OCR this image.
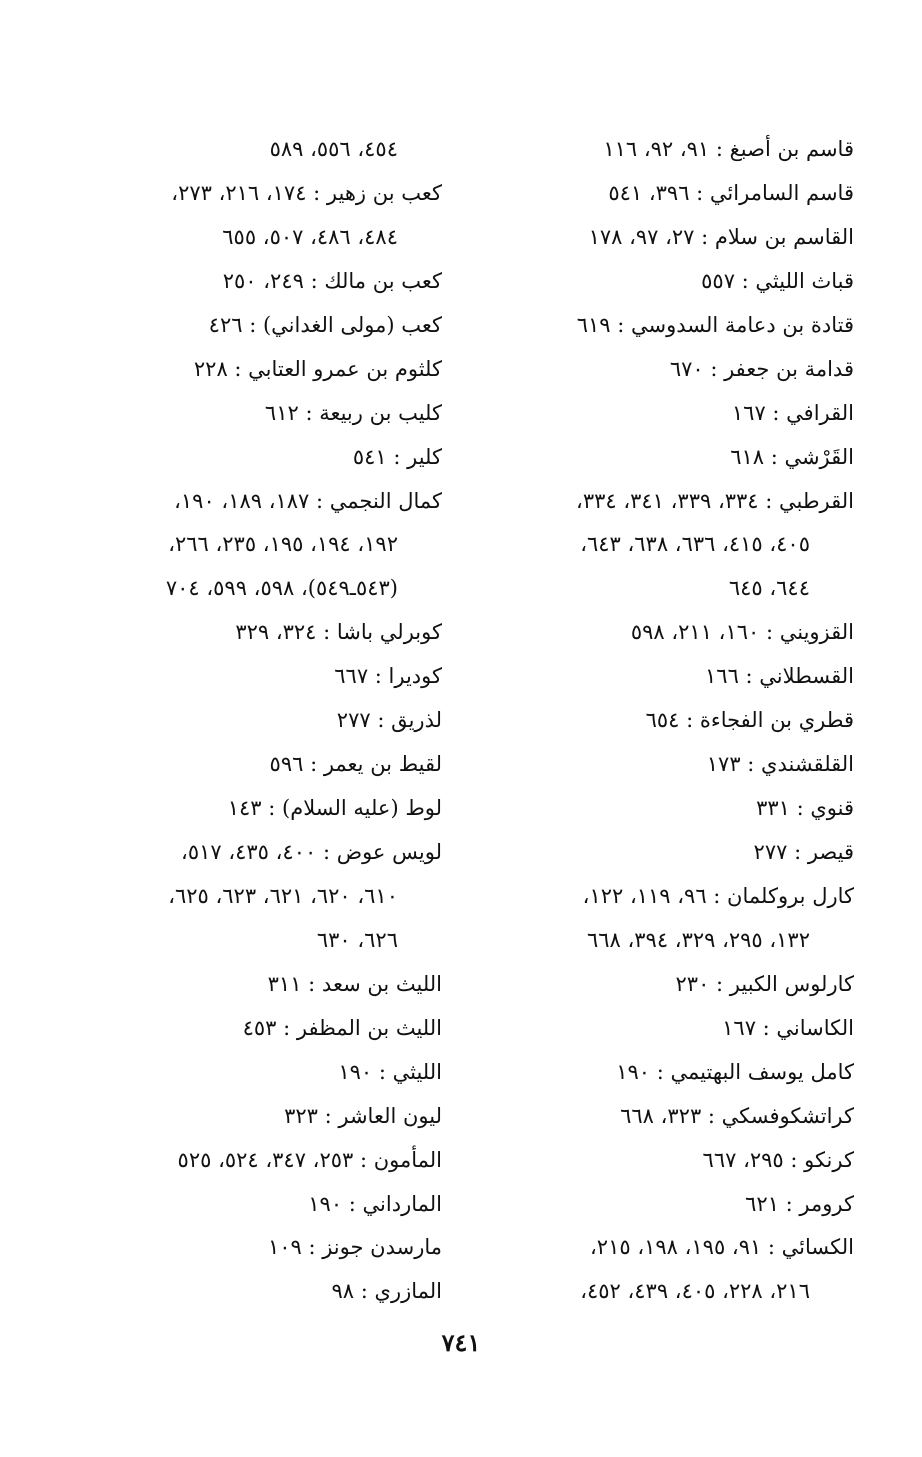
قاسم بن أصبغ : ٩١، ٩٢، ١١٦
قاسم السامرائي : ٣٩٦، ٥٤١
القاسم بن سلام : ٢٧، ٩٧، ١٧٨
قباث الليثي : ٥٥٧
قتادة بن دعامة السدوسي : ٦١٩
قدامة بن جعفر : ٦٧٠
القرافي : ١٦٧
القَرْشي : ٦١٨
القرطبي : ٣٣٤، ٣٣٩، ٣٤١، ٣٣٤،
٤٠٥، ٤١٥، ٦٣٦، ٦٣٨، ٦٤٣،
٦٤٤، ٦٤٥
القزويني : ١٦٠، ٢١١، ٥٩٨
القسطلاني : ١٦٦
قطري بن الفجاءة : ٦٥٤
القلقشندي : ١٧٣
قنوي : ٣٣١
قيصر : ٢٧٧
كارل بروكلمان : ٩٦، ١١٩، ١٢٢،
١٣٢، ٢٩٥، ٣٢٩، ٣٩٤، ٦٦٨
كارلوس الكبير : ٢٣٠
الكاساني : ١٦٧
كامل يوسف البهتيمي : ١٩٠
كراتشكوفسكي : ٣٢٣، ٦٦٨
كرنكو : ٢٩٥، ٦٦٧
كرومر : ٦٢١
الكسائي : ٩١، ١٩٥، ١٩٨، ٢١٥،
٢١٦، ٢٢٨، ٤٠٥، ٤٣٩، ٤٥٢،
٤٥٤، ٥٥٦، ٥٨٩
كعب بن زهير : ١٧٤، ٢١٦، ٢٧٣،
٤٨٤، ٤٨٦، ٥٠٧، ٦٥٥
كعب بن مالك : ٢٤٩، ٢٥٠
كعب (مولى الغداني) : ٤٢٦
كلثوم بن عمرو العتابي : ٢٢٨
كليب بن ربيعة : ٦١٢
كلير : ٥٤١
كمال النجمي : ١٨٧، ١٨٩، ١٩٠،
١٩٢، ١٩٤، ١٩٥، ٢٣٥، ٢٦٦،
(٥٤٣ـ٥٤٩)، ٥٩٨، ٥٩٩، ٧٠٤
كوبرلي باشا : ٣٢٤، ٣٢٩
كوديرا : ٦٦٧
لذريق : ٢٧٧
لقيط بن يعمر : ٥٩٦
لوط (عليه السلام) : ١٤٣
لويس عوض : ٤٠٠، ٤٣٥، ٥١٧،
٦١٠، ٦٢٠، ٦٢١، ٦٢٣، ٦٢٥،
٦٢٦، ٦٣٠
الليث بن سعد : ٣١١
الليث بن المظفر : ٤٥٣
الليثي : ١٩٠
ليون العاشر : ٣٢٣
المأمون : ٢٥٣، ٣٤٧، ٥٢٤، ٥٢٥
المارداني : ١٩٠
مارسدن جونز : ١٠٩
المازري : ٩٨
٧٤١
